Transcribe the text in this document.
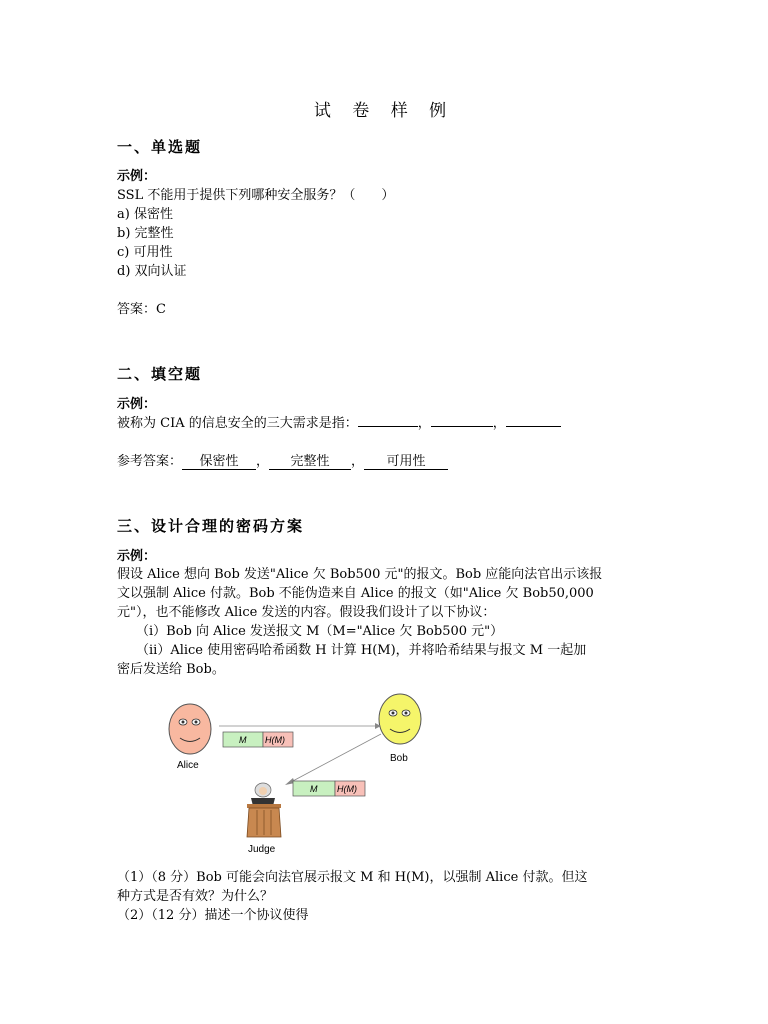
试 卷 样 例
一、单选题
示例：
SSL 不能用于提供下列哪种安全服务？（　　）
a) 保密性
b) 完整性
c) 可用性
d) 双向认证
答案：C
二、填空题
示例：
被称为 CIA 的信息安全的三大需求是指：	，	，
参考答案： 保密性 ， 完整性 ， 可用性
三、设计合理的密码方案
示例：
假设 Alice 想向 Bob 发送"Alice 欠 Bob500 元"的报文。Bob 应能向法官出示该报
文以强制 Alice 付款。Bob 不能伪造来自 Alice 的报文（如"Alice 欠 Bob50,000
元"），也不能修改 Alice 发送的内容。假设我们设计了以下协议：
（i）Bob 向 Alice 发送报文 M（M="Alice 欠 Bob500 元"）
（ii）Alice 使用密码哈希函数 H 计算 H(M)，并将哈希结果与报文 M 一起加
密后发送给 Bob。
Alice
Bob
M H(M)
M H(M)
Judge
（1）（8 分）Bob 可能会向法官展示报文 M 和 H(M)，以强制 Alice 付款。但这
种方式是否有效？为什么？
（2）（12 分）描述一个协议使得
